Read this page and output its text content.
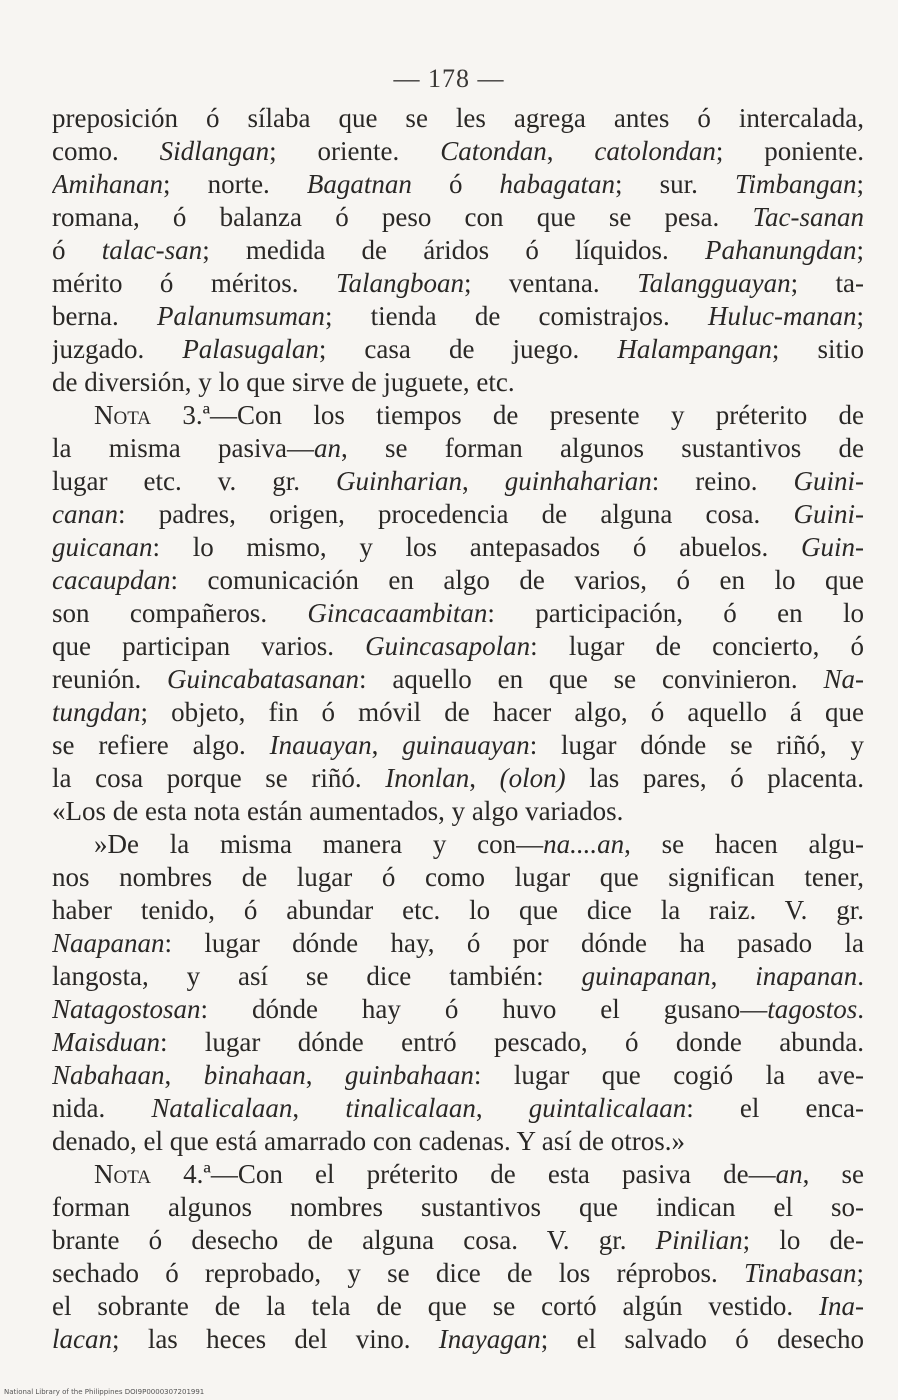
— 178 —
preposición ó sílaba que se les agrega antes ó intercalada,
como. Sidlangan; oriente. Catondan, catolondan; poniente.
Amihanan; norte. Bagatnan ó habagatan; sur. Timbangan;
romana, ó balanza ó peso con que se pesa. Tac-sanan
ó talac-san; medida de áridos ó líquidos. Pahanungdan;
mérito ó méritos. Talangboan; ventana. Talangguayan; ta-
berna. Palanumsuman; tienda de comistrajos. Huluc-manan;
juzgado. Palasugalan; casa de juego. Halampangan; sitio
de diversión, y lo que sirve de juguete, etc.
Nota 3.ª—Con los tiempos de presente y préterito de
la misma pasiva—an, se forman algunos sustantivos de
lugar etc. v. gr. Guinharian, guinhaharian: reino. Guini-
canan: padres, origen, procedencia de alguna cosa. Guini-
guicanan: lo mismo, y los antepasados ó abuelos. Guin-
cacaupdan: comunicación en algo de varios, ó en lo que
son compañeros. Gincacaambitan: participación, ó en lo
que participan varios. Guincasapolan: lugar de concierto, ó
reunión. Guincabatasanan: aquello en que se convinieron. Na-
tungdan; objeto, fin ó móvil de hacer algo, ó aquello á que
se refiere algo. Inauayan, guinauayan: lugar dónde se riñó, y
la cosa porque se riñó. Inonlan, (olon) las pares, ó placenta.
«Los de esta nota están aumentados, y algo variados.
»De la misma manera y con—na....an, se hacen algu-
nos nombres de lugar ó como lugar que significan tener,
haber tenido, ó abundar etc. lo que dice la raiz. V. gr.
Naapanan: lugar dónde hay, ó por dónde ha pasado la
langosta, y así se dice también: guinapanan, inapanan.
Natagostosan: dónde hay ó huvo el gusano—tagostos.
Maisduan: lugar dónde entró pescado, ó donde abunda.
Nabahaan, binahaan, guinbahaan: lugar que cogió la ave-
nida. Natalicalaan, tinalicalaan, guintalicalaan: el enca-
denado, el que está amarrado con cadenas. Y así de otros.»
Nota 4.ª—Con el préterito de esta pasiva de—an, se
forman algunos nombres sustantivos que indican el so-
brante ó desecho de alguna cosa. V. gr. Pinilian; lo de-
sechado ó reprobado, y se dice de los réprobos. Tinabasan;
el sobrante de la tela de que se cortó algún vestido. Ina-
lacan; las heces del vino. Inayagan; el salvado ó desecho
National Library of the Philippines DOI9P0000307201991
